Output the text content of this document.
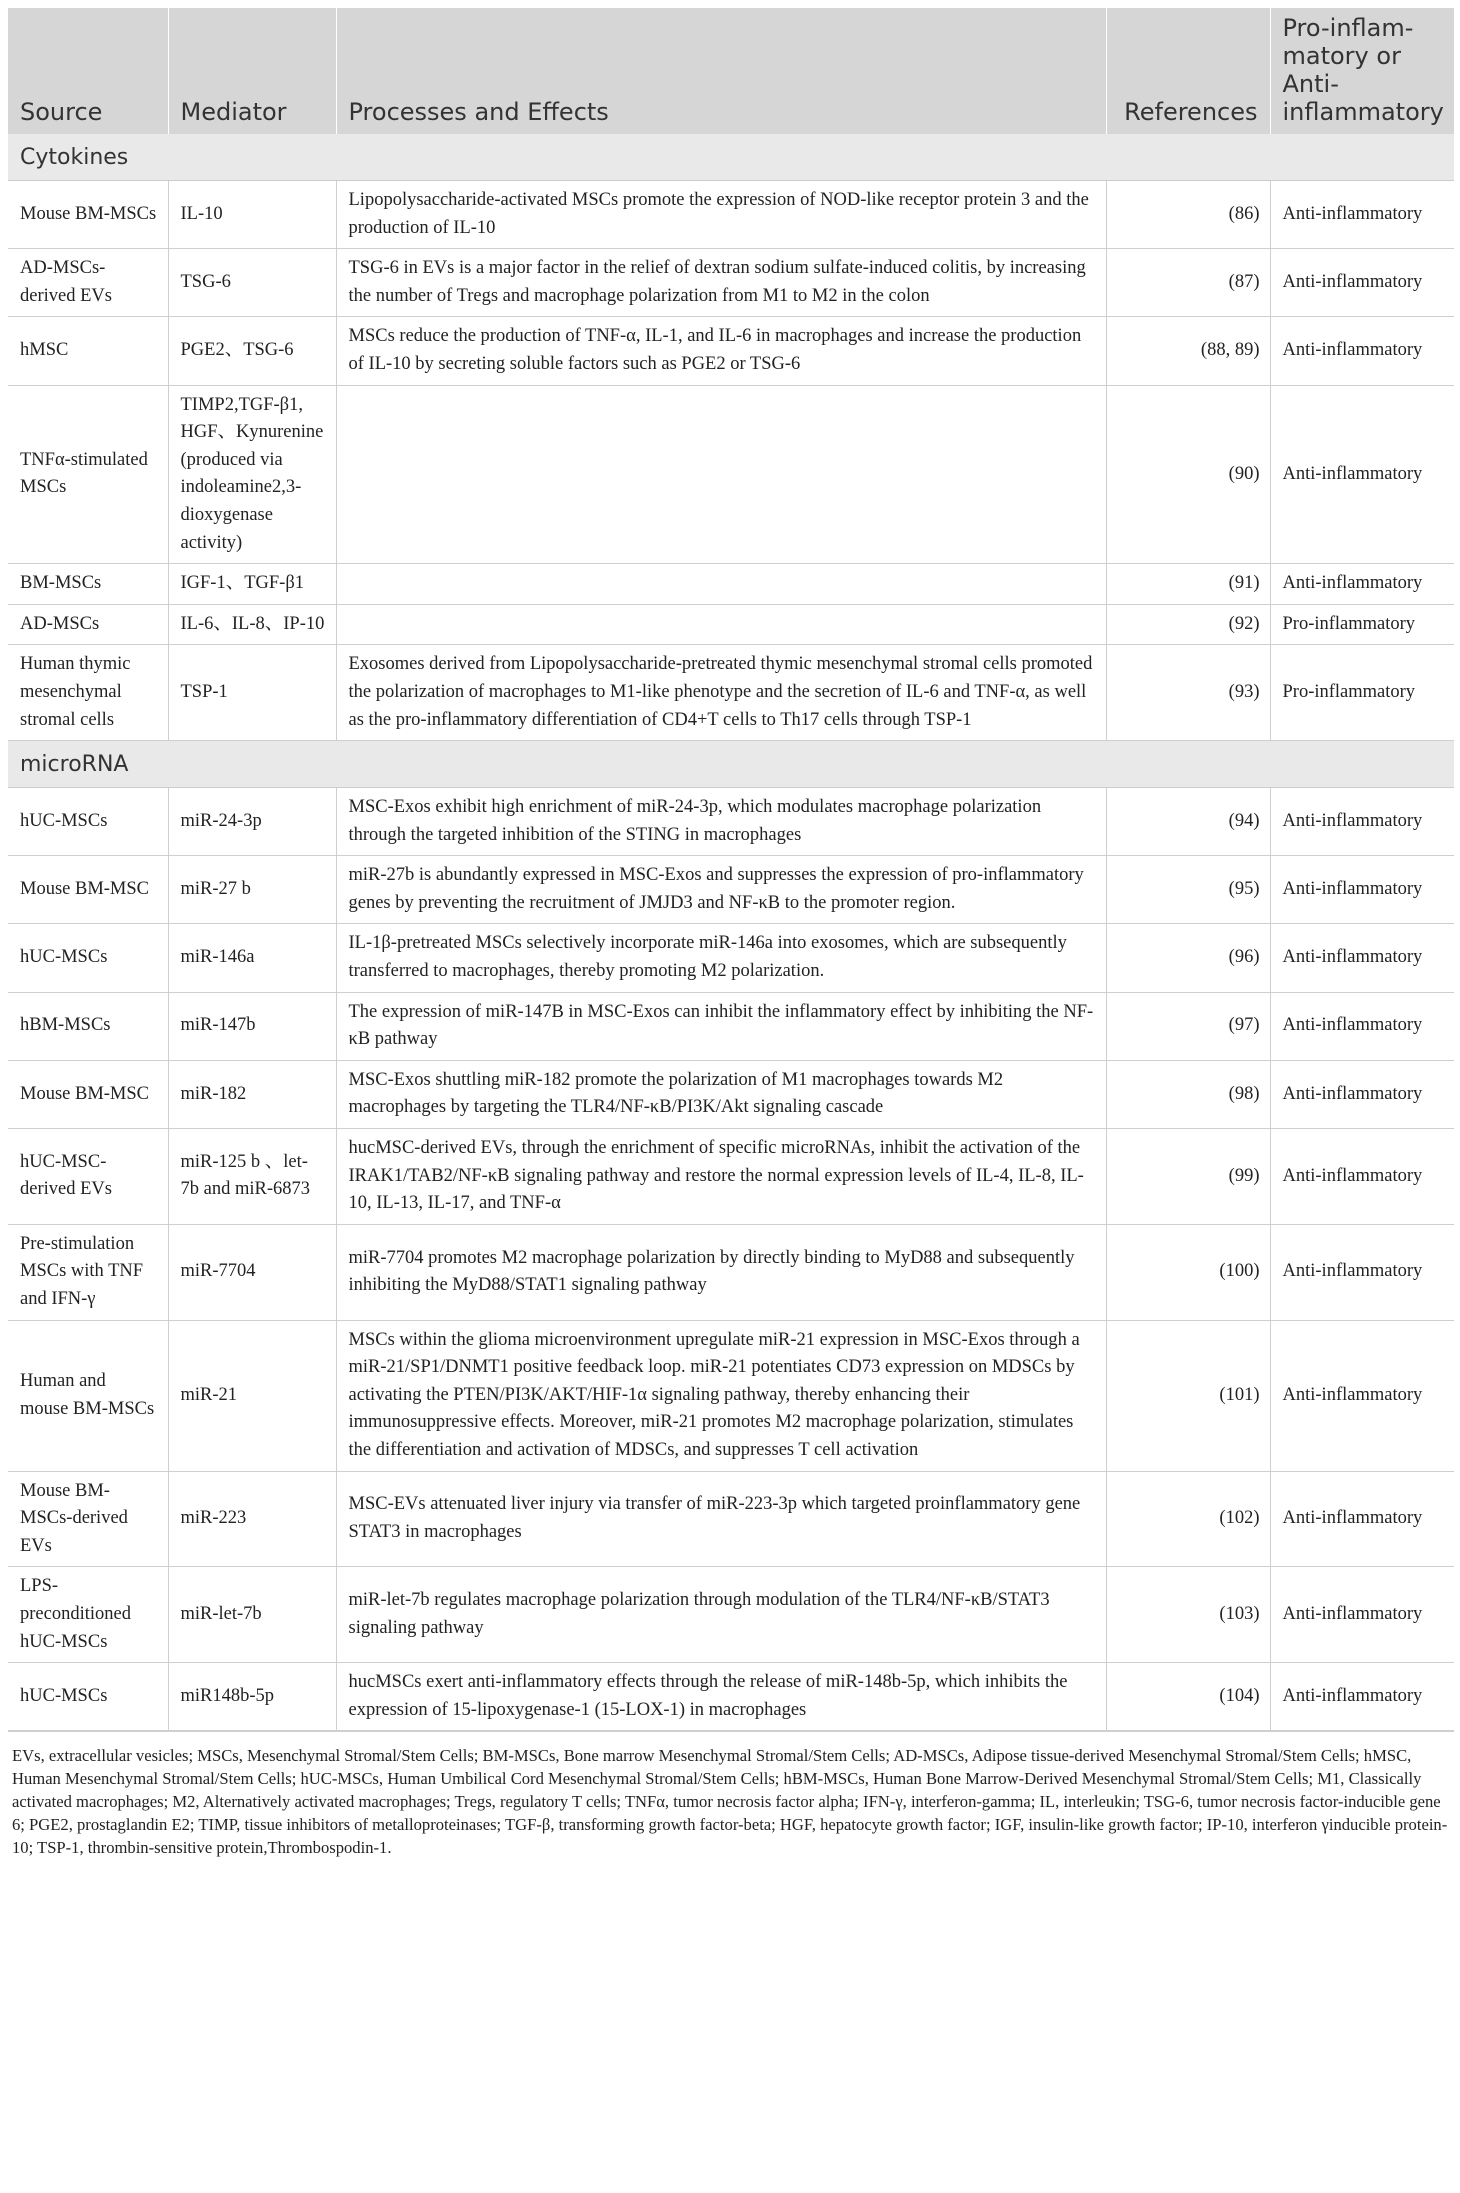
Source	Mediator	Processes and Effects	References	Pro-inflam- matory or Anti- inflammatory
Cytokines				
Mouse BM-MSCs	IL-10	Lipopolysaccharide-activated MSCs promote the expression of NOD-like receptor protein 3 and the production of IL-10	(86)	Anti-inflammatory
AD-MSCs-derived EVs	TSG-6	TSG-6 in EVs is a major factor in the relief of dextran sodium sulfate-induced colitis, by increasing the number of Tregs and macrophage polarization from M1 to M2 in the colon	(87)	Anti-inflammatory
hMSC	PGE2、TSG-6	MSCs reduce the production of TNF-α, IL-1, and IL-6 in macrophages and increase the production of IL-10 by secreting soluble factors such as PGE2 or TSG-6	(88, 89)	Anti-inflammatory
TNFα-stimulated MSCs	TIMP2,TGF-β1, HGF、Kynurenine (produced via indoleamine2,3-dioxygenase activity)		(90)	Anti-inflammatory
BM-MSCs	IGF-1、TGF-β1		(91)	Anti-inflammatory
AD-MSCs	IL-6、IL-8、IP-10		(92)	Pro-inflammatory
Human thymic mesenchymal stromal cells	TSP-1	Exosomes derived from Lipopolysaccharide-pretreated thymic mesenchymal stromal cells promoted the polarization of macrophages to M1-like phenotype and the secretion of IL-6 and TNF-α, as well as the pro-inflammatory differentiation of CD4+T cells to Th17 cells through TSP-1	(93)	Pro-inflammatory
microRNA				
hUC-MSCs	miR-24-3p	MSC-Exos exhibit high enrichment of miR-24-3p, which modulates macrophage polarization through the targeted inhibition of the STING in macrophages	(94)	Anti-inflammatory
Mouse BM-MSC	miR-27 b	miR-27b is abundantly expressed in MSC-Exos and suppresses the expression of pro-inflammatory genes by preventing the recruitment of JMJD3 and NF-κB to the promoter region.	(95)	Anti-inflammatory
hUC-MSCs	miR-146a	IL-1β-pretreated MSCs selectively incorporate miR-146a into exosomes, which are subsequently transferred to macrophages, thereby promoting M2 polarization.	(96)	Anti-inflammatory
hBM-MSCs	miR-147b	The expression of miR-147B in MSC-Exos can inhibit the inflammatory effect by inhibiting the NF-κB pathway	(97)	Anti-inflammatory
Mouse BM-MSC	miR-182	MSC-Exos shuttling miR-182 promote the polarization of M1 macrophages towards M2 macrophages by targeting the TLR4/NF-κB/PI3K/Akt signaling cascade	(98)	Anti-inflammatory
hUC-MSC-derived EVs	miR-125 b 、let-7b and miR-6873	hucMSC-derived EVs, through the enrichment of specific microRNAs, inhibit the activation of the IRAK1/TAB2/NF-κB signaling pathway and restore the normal expression levels of IL-4, IL-8, IL-10, IL-13, IL-17, and TNF-α	(99)	Anti-inflammatory
Pre-stimulation MSCs with TNF and IFN-γ	miR-7704	miR-7704 promotes M2 macrophage polarization by directly binding to MyD88 and subsequently inhibiting the MyD88/STAT1 signaling pathway	(100)	Anti-inflammatory
Human and mouse BM-MSCs	miR-21	MSCs within the glioma microenvironment upregulate miR-21 expression in MSC-Exos through a miR-21/SP1/DNMT1 positive feedback loop. miR-21 potentiates CD73 expression on MDSCs by activating the PTEN/PI3K/AKT/HIF-1α signaling pathway, thereby enhancing their immunosuppressive effects. Moreover, miR-21 promotes M2 macrophage polarization, stimulates the differentiation and activation of MDSCs, and suppresses T cell activation	(101)	Anti-inflammatory
Mouse BM-MSCs-derived EVs	miR-223	MSC-EVs attenuated liver injury via transfer of miR-223-3p which targeted proinflammatory gene STAT3 in macrophages	(102)	Anti-inflammatory
LPS-preconditioned hUC-MSCs	miR-let-7b	miR-let-7b regulates macrophage polarization through modulation of the TLR4/NF-κB/STAT3 signaling pathway	(103)	Anti-inflammatory
hUC-MSCs	miR148b-5p	hucMSCs exert anti-inflammatory effects through the release of miR-148b-5p, which inhibits the expression of 15-lipoxygenase-1 (15-LOX-1) in macrophages	(104)	Anti-inflammatory
EVs, extracellular vesicles; MSCs, Mesenchymal Stromal/Stem Cells; BM-MSCs, Bone marrow Mesenchymal Stromal/Stem Cells; AD-MSCs, Adipose tissue-derived Mesenchymal Stromal/Stem Cells; hMSC, Human Mesenchymal Stromal/Stem Cells; hUC-MSCs, Human Umbilical Cord Mesenchymal Stromal/Stem Cells; hBM-MSCs, Human Bone Marrow-Derived Mesenchymal Stromal/Stem Cells; M1, Classically activated macrophages; M2, Alternatively activated macrophages; Tregs, regulatory T cells; TNFα, tumor necrosis factor alpha; IFN-γ, interferon-gamma; IL, interleukin; TSG-6, tumor necrosis factor-inducible gene 6; PGE2, prostaglandin E2; TIMP, tissue inhibitors of metalloproteinases; TGF-β, transforming growth factor-beta; HGF, hepatocyte growth factor; IGF, insulin-like growth factor; IP-10, interferon γinducible protein-10; TSP-1, thrombin-sensitive protein,Thrombospodin-1.
